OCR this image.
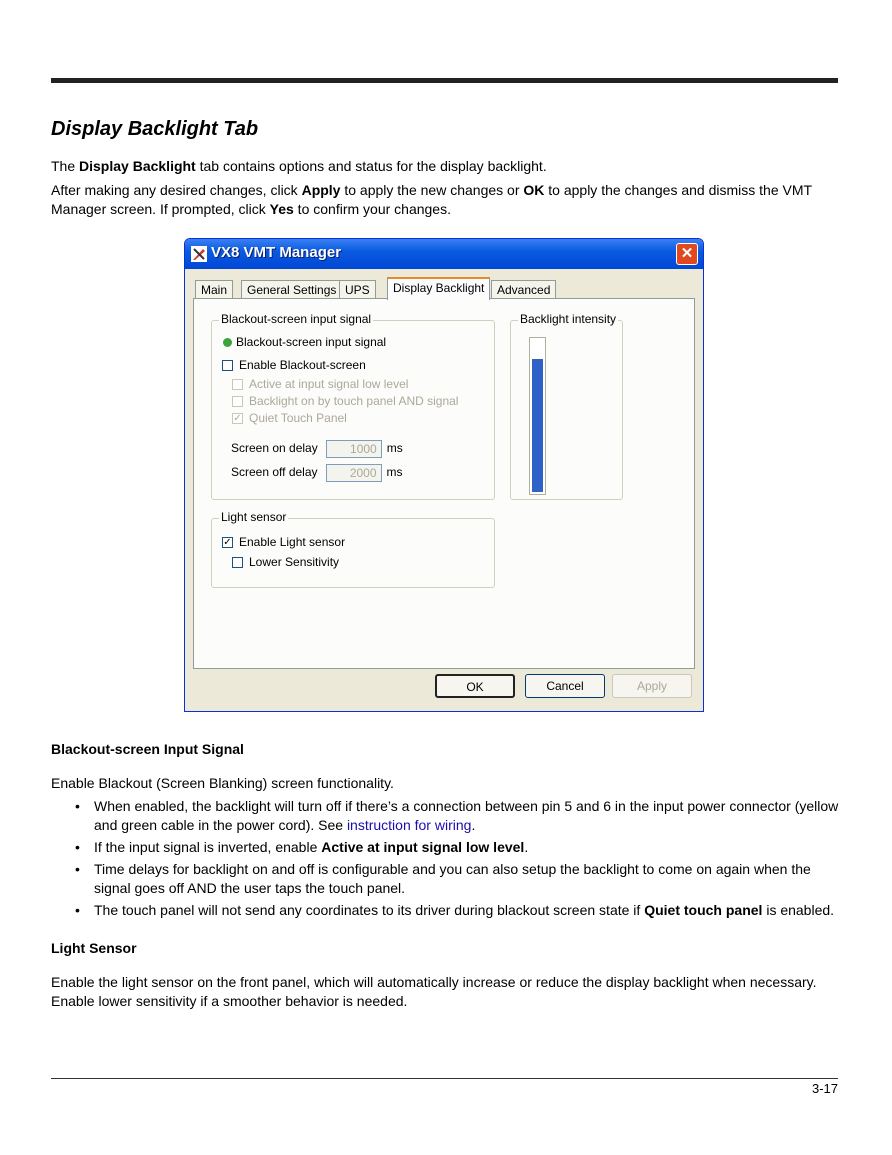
Display Backlight Tab
The Display Backlight tab contains options and status for the display backlight.
After making any desired changes, click Apply to apply the new changes or OK to apply the changes and dismiss the VMT Manager screen. If prompted, click Yes to confirm your changes.
VX8 VMT Manager	✕
Main	General Settings UPS	Display Backlight	Advanced
Blackout-screen input signal
Blackout-screen input signal
Enable Blackout-screen
Active at input signal low level
Backlight on by touch panel AND signal
✓ Quiet Touch Panel
Screen on delay	1000 ms
Screen off delay	2000 ms
Backlight intensity
Light sensor
✓ Enable Light sensor
Lower Sensitivity
OK	Cancel	Apply
Blackout-screen Input Signal
Enable Blackout (Screen Blanking) screen functionality.
• When enabled, the backlight will turn off if there’s a connection between pin 5 and 6 in the input power connector (yellow and green cable in the power cord). See instruction for wiring.
• If the input signal is inverted, enable Active at input signal low level.
• Time delays for backlight on and off is configurable and you can also setup the backlight to come on again when the signal goes off AND the user taps the touch panel.
• The touch panel will not send any coordinates to its driver during blackout screen state if Quiet touch panel is enabled.
Light Sensor
Enable the light sensor on the front panel, which will automatically increase or reduce the display backlight when necessary. Enable lower sensitivity if a smoother behavior is needed.
3-17
